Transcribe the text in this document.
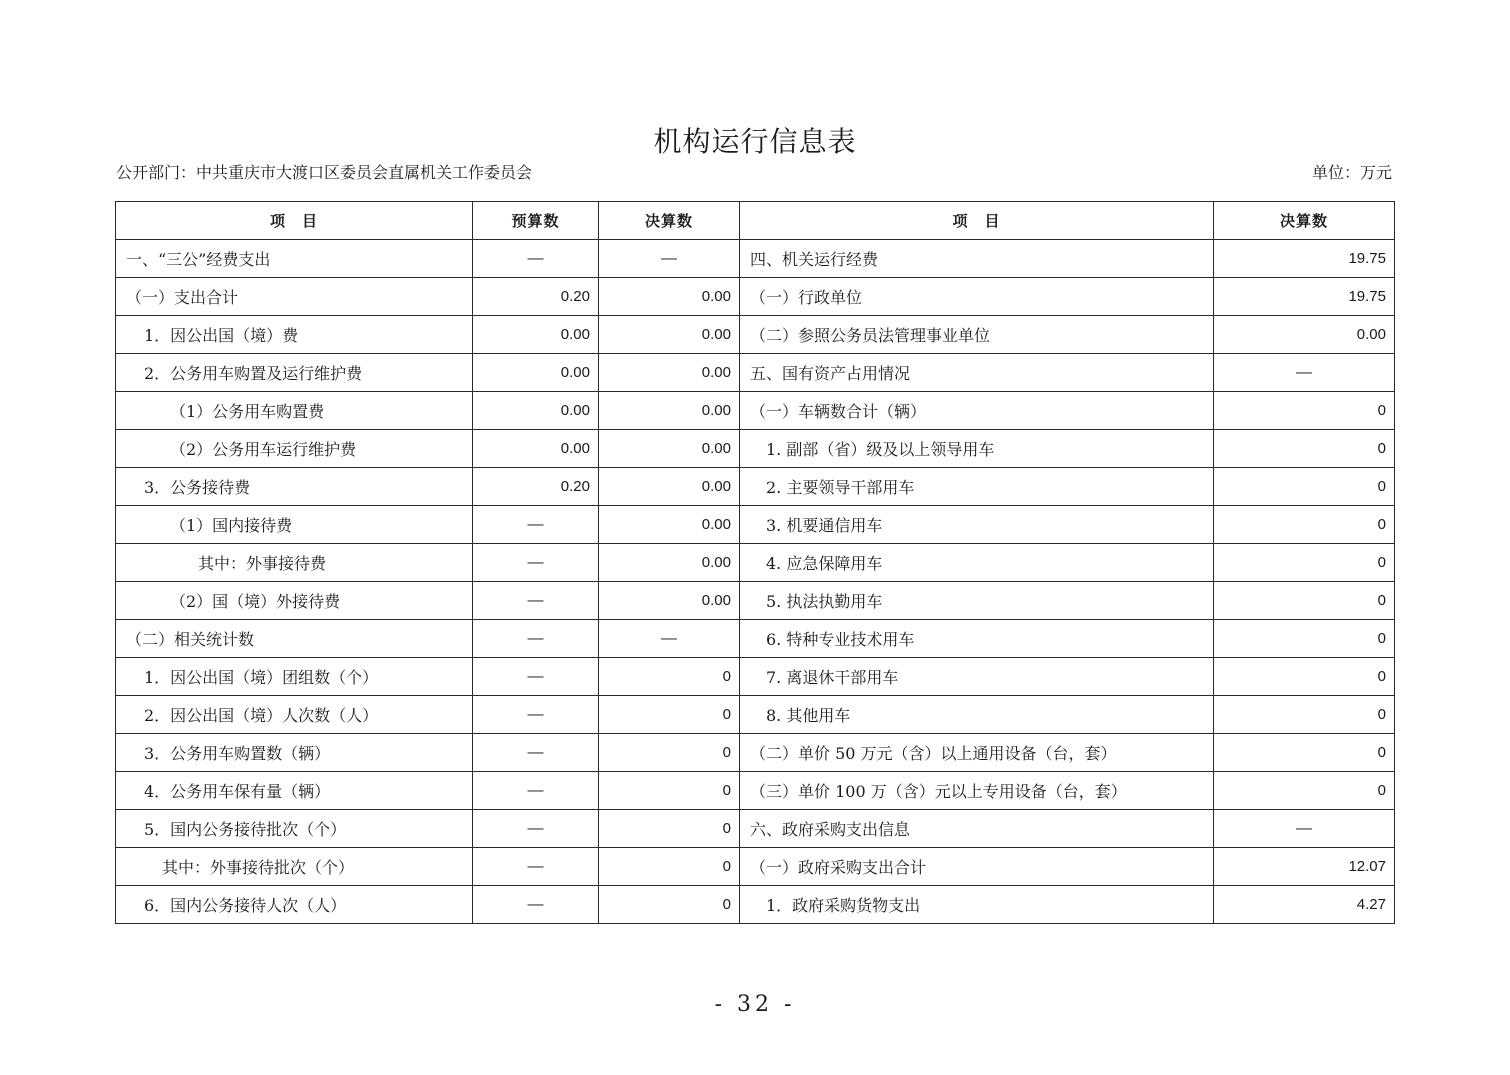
机构运行信息表
公开部门：中共重庆市大渡口区委员会直属机关工作委员会	单位：万元
项　目	预算数	决算数	项　目	决算数
一、“三公”经费支出	—	—	四、机关运行经费	19.75
（一）支出合计	0.20	0.00	（一）行政单位	19.75
1．因公出国（境）费	0.00	0.00	（二）参照公务员法管理事业单位	0.00
2．公务用车购置及运行维护费	0.00	0.00	五、国有资产占用情况	—
（1）公务用车购置费	0.00	0.00	（一）车辆数合计（辆）	0
（2）公务用车运行维护费	0.00	0.00	1. 副部（省）级及以上领导用车	0
3．公务接待费	0.20	0.00	2. 主要领导干部用车	0
（1）国内接待费	—	0.00	3. 机要通信用车	0
其中：外事接待费	—	0.00	4. 应急保障用车	0
（2）国（境）外接待费	—	0.00	5. 执法执勤用车	0
（二）相关统计数	—	—	6. 特种专业技术用车	0
1．因公出国（境）团组数（个）	—	0	7. 离退休干部用车	0
2．因公出国（境）人次数（人）	—	0	8. 其他用车	0
3．公务用车购置数（辆）	—	0	（二）单价 50 万元（含）以上通用设备（台，套）	0
4．公务用车保有量（辆）	—	0	（三）单价 100 万（含）元以上专用设备（台，套）	0
5．国内公务接待批次（个）	—	0	六、政府采购支出信息	—
其中：外事接待批次（个）	—	0	（一）政府采购支出合计	12.07
6．国内公务接待人次（人）	—	0	1．政府采购货物支出	4.27
- 32 -
